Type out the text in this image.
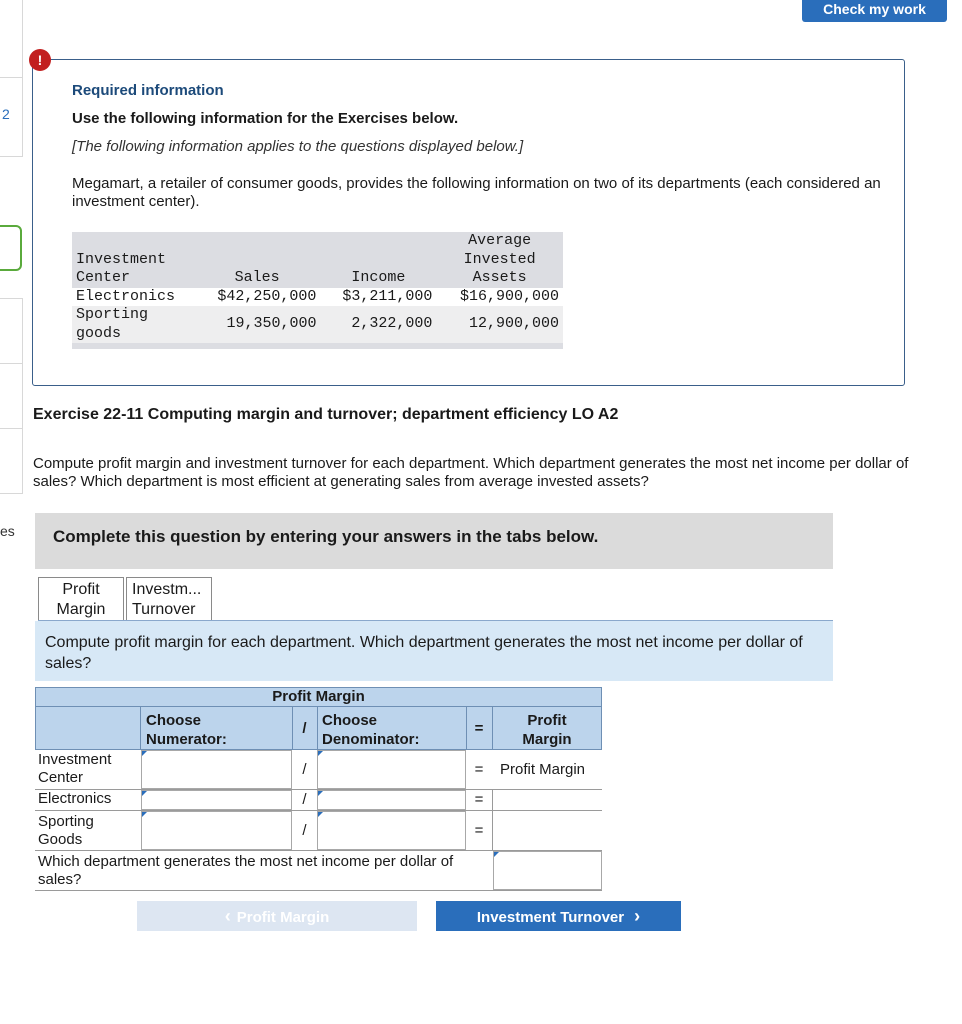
2
es
Check my work
!
Required information
Use the following information for the Exercises below.
[The following information applies to the questions displayed below.]
Megamart, a retailer of consumer goods, provides the following information on two of its departments (each considered an investment center).
			Average
Investment			Invested
Center	Sales	Income	Assets
Electronics	$42,250,000	$3,211,000	$16,900,000
Sporting
goods	19,350,000	2,322,000	12,900,000

Exercise 22-11 Computing margin and turnover; department efficiency LO A2
Compute profit margin and investment turnover for each department. Which department generates the most net income per dollar of sales? Which department is most efficient at generating sales from average invested assets?
Complete this question by entering your answers in the tabs below.
Profit
Margin
Investm...
Turnover
Compute profit margin for each department. Which department generates the most net income per dollar of sales?
Profit Margin
Choose
Numerator:
/	Choose
Denominator:
=	Profit
Margin
Investment
Center	/	=	Profit Margin
Electronics	/	=
Sporting
Goods
/	=
Which department generates the most net income per dollar of sales?
‹ Profit Margin	Investment Turnover ›
